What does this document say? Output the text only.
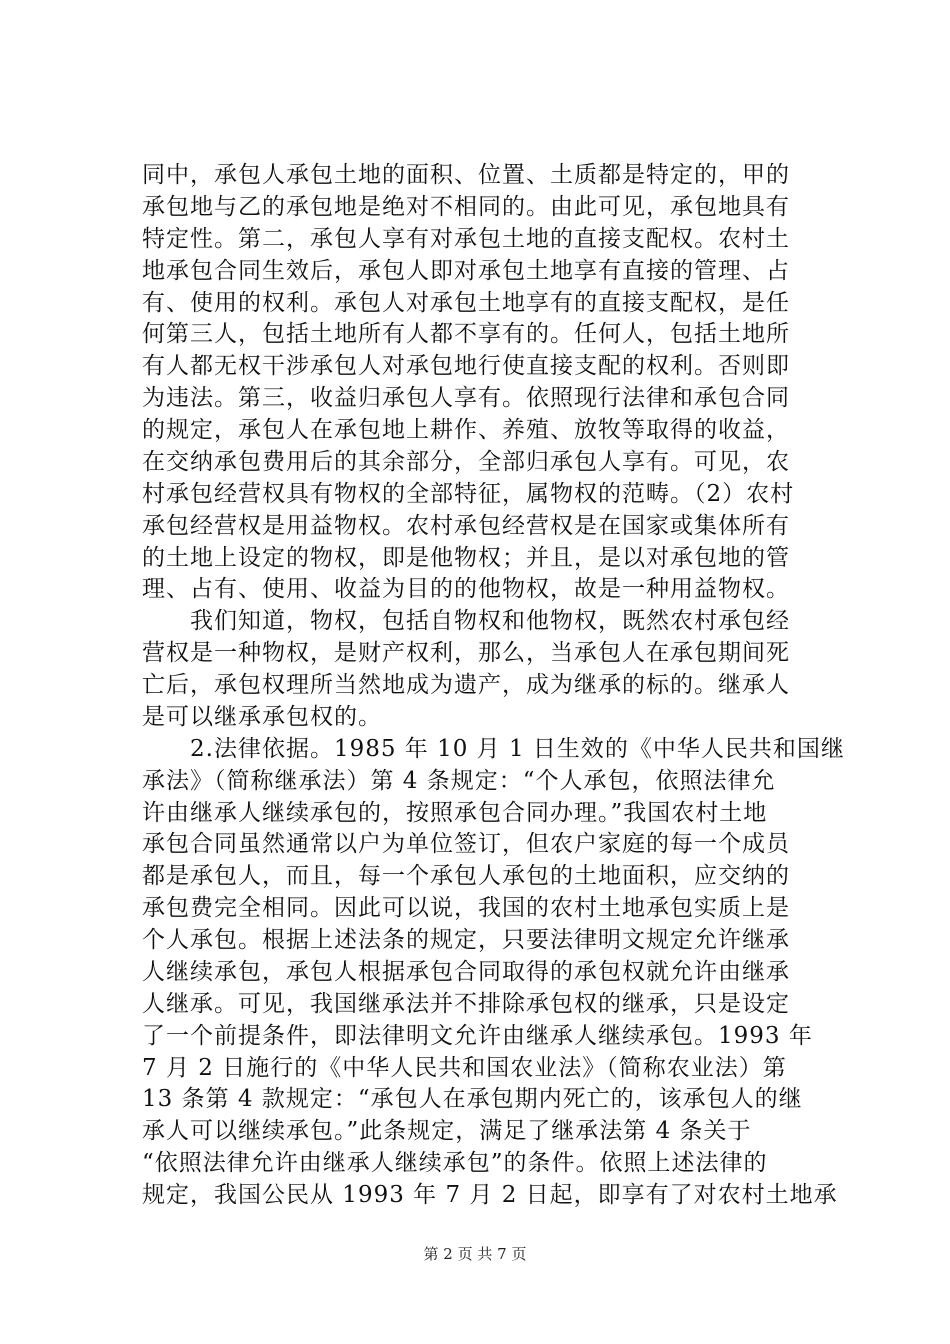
同中，承包人承包土地的面积、位置、土质都是特定的，甲的
承包地与乙的承包地是绝对不相同的。由此可见，承包地具有
特定性。第二，承包人享有对承包土地的直接支配权。农村土
地承包合同生效后，承包人即对承包土地享有直接的管理、占
有、使用的权利。承包人对承包土地享有的直接支配权，是任
何第三人，包括土地所有人都不享有的。任何人，包括土地所
有人都无权干涉承包人对承包地行使直接支配的权利。否则即
为违法。第三，收益归承包人享有。依照现行法律和承包合同
的规定，承包人在承包地上耕作、养殖、放牧等取得的收益，
在交纳承包费用后的其余部分，全部归承包人享有。可见，农
村承包经营权具有物权的全部特征，属物权的范畴。（2）农村
承包经营权是用益物权。农村承包经营权是在国家或集体所有
的土地上设定的物权，即是他物权；并且，是以对承包地的管
理、占有、使用、收益为目的的他物权，故是一种用益物权。
　　我们知道，物权，包括自物权和他物权，既然农村承包经
营权是一种物权，是财产权利，那么，当承包人在承包期间死
亡后，承包权理所当然地成为遗产，成为继承的标的。继承人
是可以继承承包权的。
　　2.法律依据。1985 年 10 月 1 日生效的《中华人民共和国继
承法》（简称继承法）第 4 条规定：“个人承包，依照法律允
许由继承人继续承包的，按照承包合同办理。”我国农村土地
承包合同虽然通常以户为单位签订，但农户家庭的每一个成员
都是承包人，而且，每一个承包人承包的土地面积，应交纳的
承包费完全相同。因此可以说，我国的农村土地承包实质上是
个人承包。根据上述法条的规定，只要法律明文规定允许继承
人继续承包，承包人根据承包合同取得的承包权就允许由继承
人继承。可见，我国继承法并不排除承包权的继承，只是设定
了一个前提条件，即法律明文允许由继承人继续承包。1993 年
7 月 2 日施行的《中华人民共和国农业法》（简称农业法）第
13 条第 4 款规定：“承包人在承包期内死亡的，该承包人的继
承人可以继续承包。”此条规定，满足了继承法第 4 条关于
“依照法律允许由继承人继续承包”的条件。依照上述法律的
规定，我国公民从 1993 年 7 月 2 日起，即享有了对农村土地承
第 2 页 共 7 页
